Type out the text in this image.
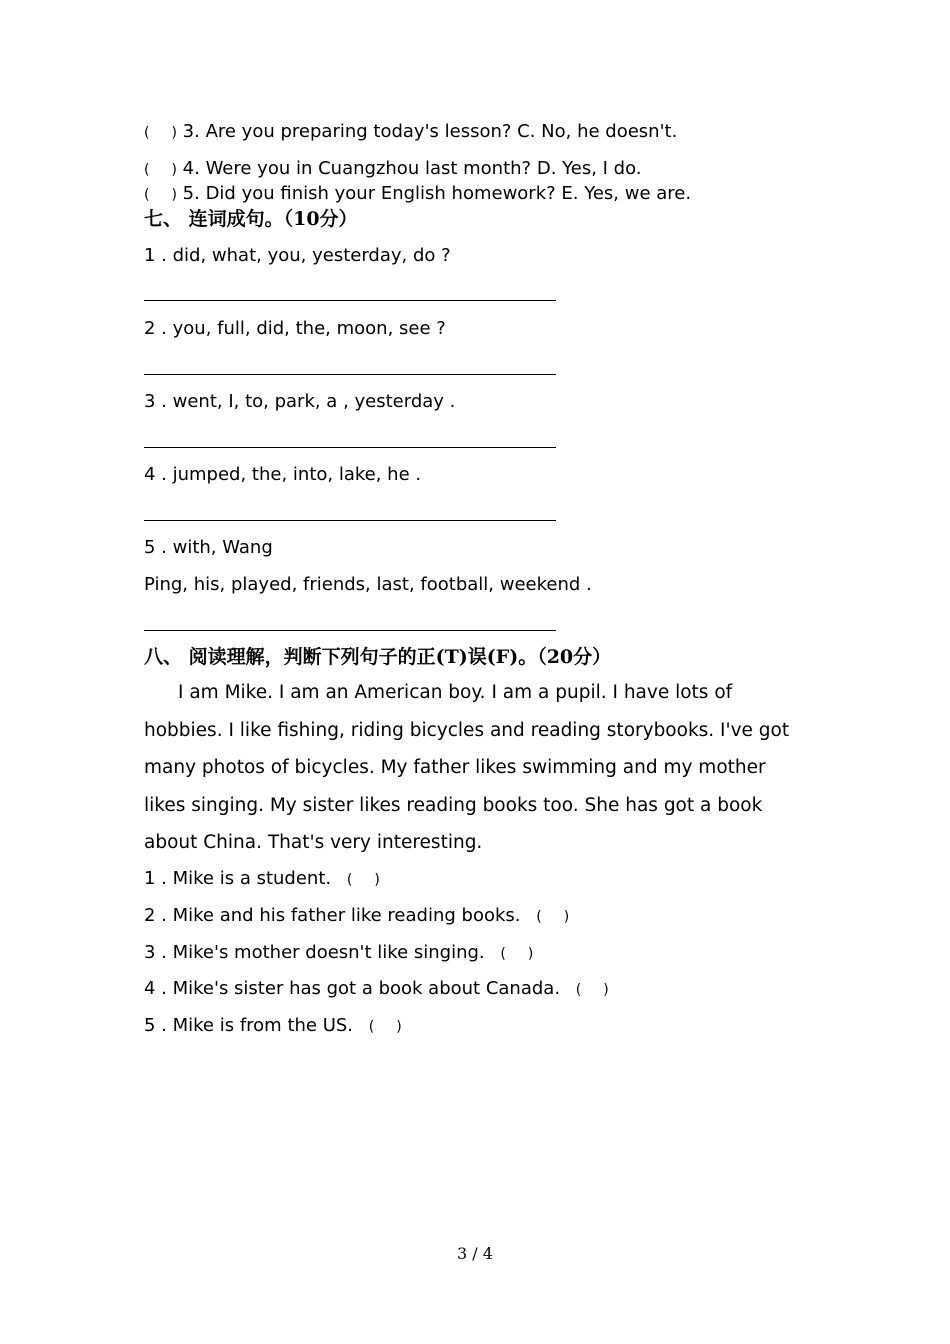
( ) 3. Are you preparing today's lesson? C. No, he doesn't.
( ) 4. Were you in Cuangzhou last month? D. Yes, I do.
( ) 5. Did you finish your English homework? E. Yes, we are.
七、 连词成句。（10分）
1 . did, what, you, yesterday, do ?
2 . you, full, did, the, moon, see ?
3 . went, I, to, park, a , yesterday .
4 . jumped, the, into, lake, he .
5 . with, Wang
Ping, his, played, friends, last, football, weekend .
八、 阅读理解，判断下列句子的正(T)误(F)。（20分）
I am Mike. I am an American boy. I am a pupil. I have lots of hobbies. I like fishing, riding bicycles and reading storybooks. I've got many photos of bicycles. My father likes swimming and my mother likes singing. My sister likes reading books too. She has got a book about China. That's very interesting.
1 . Mike is a student. ( )
2 . Mike and his father like reading books. ( )
3 . Mike's mother doesn't like singing. ( )
4 . Mike's sister has got a book about Canada. ( )
5 . Mike is from the US. ( )
3 / 4
